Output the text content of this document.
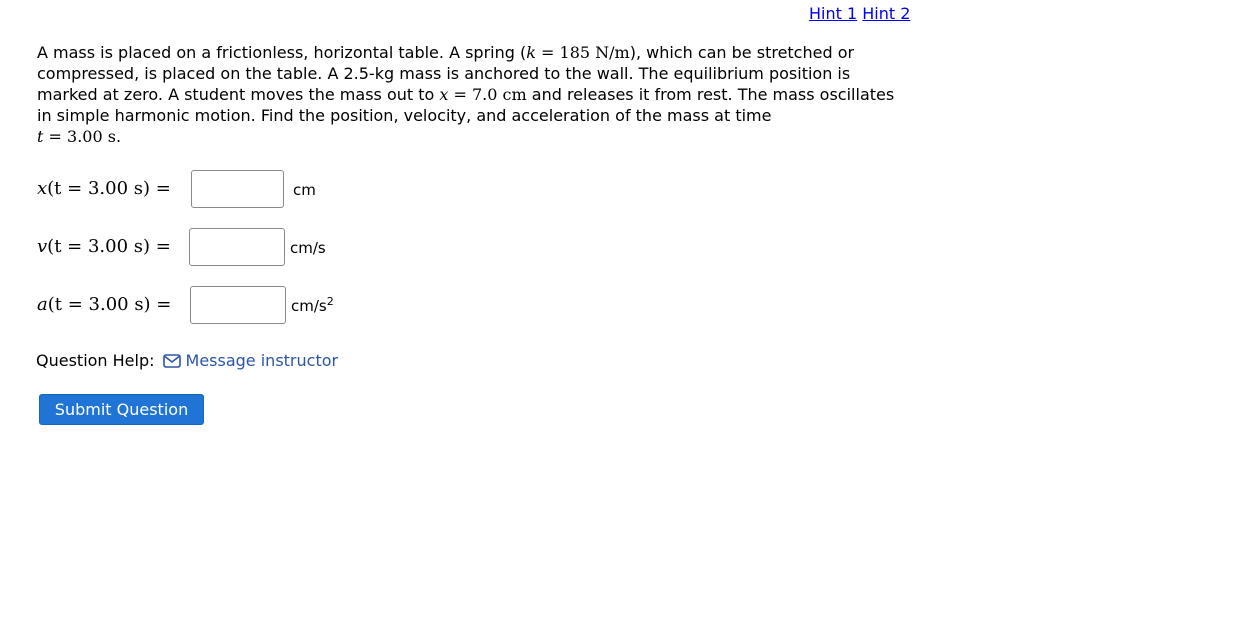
Hint 1 Hint 2
A mass is placed on a frictionless, horizontal table. A spring (k = 185 N/m), which can be stretched or compressed, is placed on the table. A 2.5-kg mass is anchored to the wall. The equilibrium position is marked at zero. A student moves the mass out to x = 7.0 cm and releases it from rest. The mass oscillates in simple harmonic motion. Find the position, velocity, and acceleration of the mass at time
t = 3.00 s.
x(t = 3.00 s) =	cm
v(t = 3.00 s) =	cm/s
a(t = 3.00 s) =	$cm/s^2$
Question Help: Message instructor
Submit Question
